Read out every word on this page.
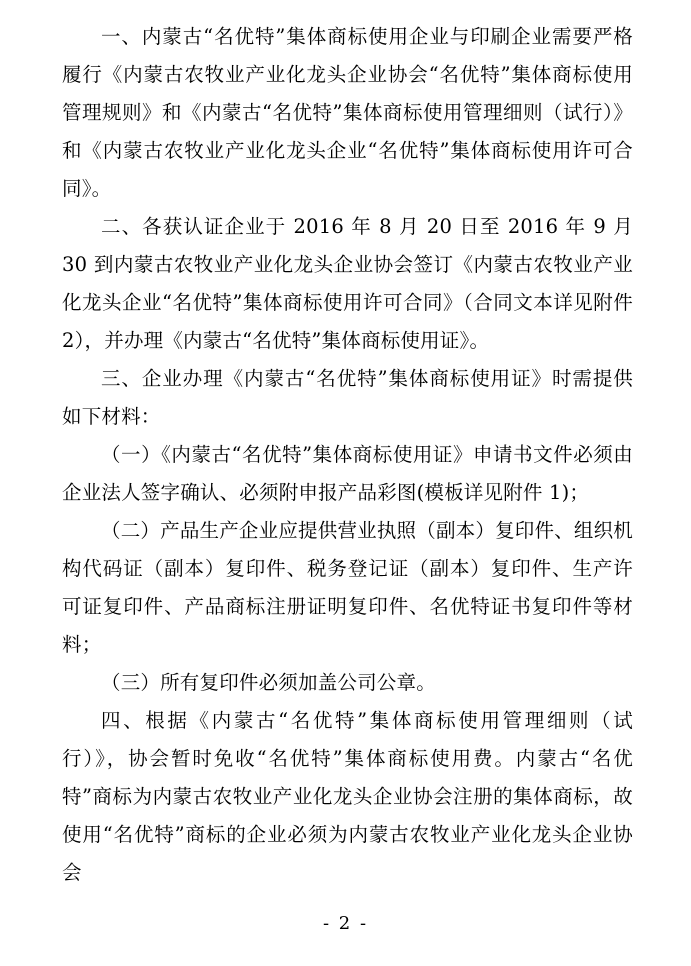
一、内蒙古“名优特”集体商标使用企业与印刷企业需要严格履行《内蒙古农牧业产业化龙头企业协会“名优特”集体商标使用管理规则》和《内蒙古“名优特”集体商标使用管理细则（试行）》和《内蒙古农牧业产业化龙头企业“名优特”集体商标使用许可合同》。

二、各获认证企业于 2016 年 8 月 20 日至 2016 年 9 月 30 到内蒙古农牧业产业化龙头企业协会签订《内蒙古农牧业产业化龙头企业“名优特”集体商标使用许可合同》（合同文本详见附件 2），并办理《内蒙古“名优特”集体商标使用证》。

三、企业办理《内蒙古“名优特”集体商标使用证》时需提供如下材料：

（一）《内蒙古“名优特”集体商标使用证》申请书文件必须由企业法人签字确认、必须附申报产品彩图(模板详见附件 1)；

（二）产品生产企业应提供营业执照（副本）复印件、组织机构代码证（副本）复印件、税务登记证（副本）复印件、生产许可证复印件、产品商标注册证明复印件、名优特证书复印件等材料；

（三）所有复印件必须加盖公司公章。

四、根据《内蒙古“名优特”集体商标使用管理细则（试行）》，协会暂时免收“名优特”集体商标使用费。内蒙古“名优特”商标为内蒙古农牧业产业化龙头企业协会注册的集体商标，故使用“名优特”商标的企业必须为内蒙古农牧业产业化龙头企业协会

- 2 -
